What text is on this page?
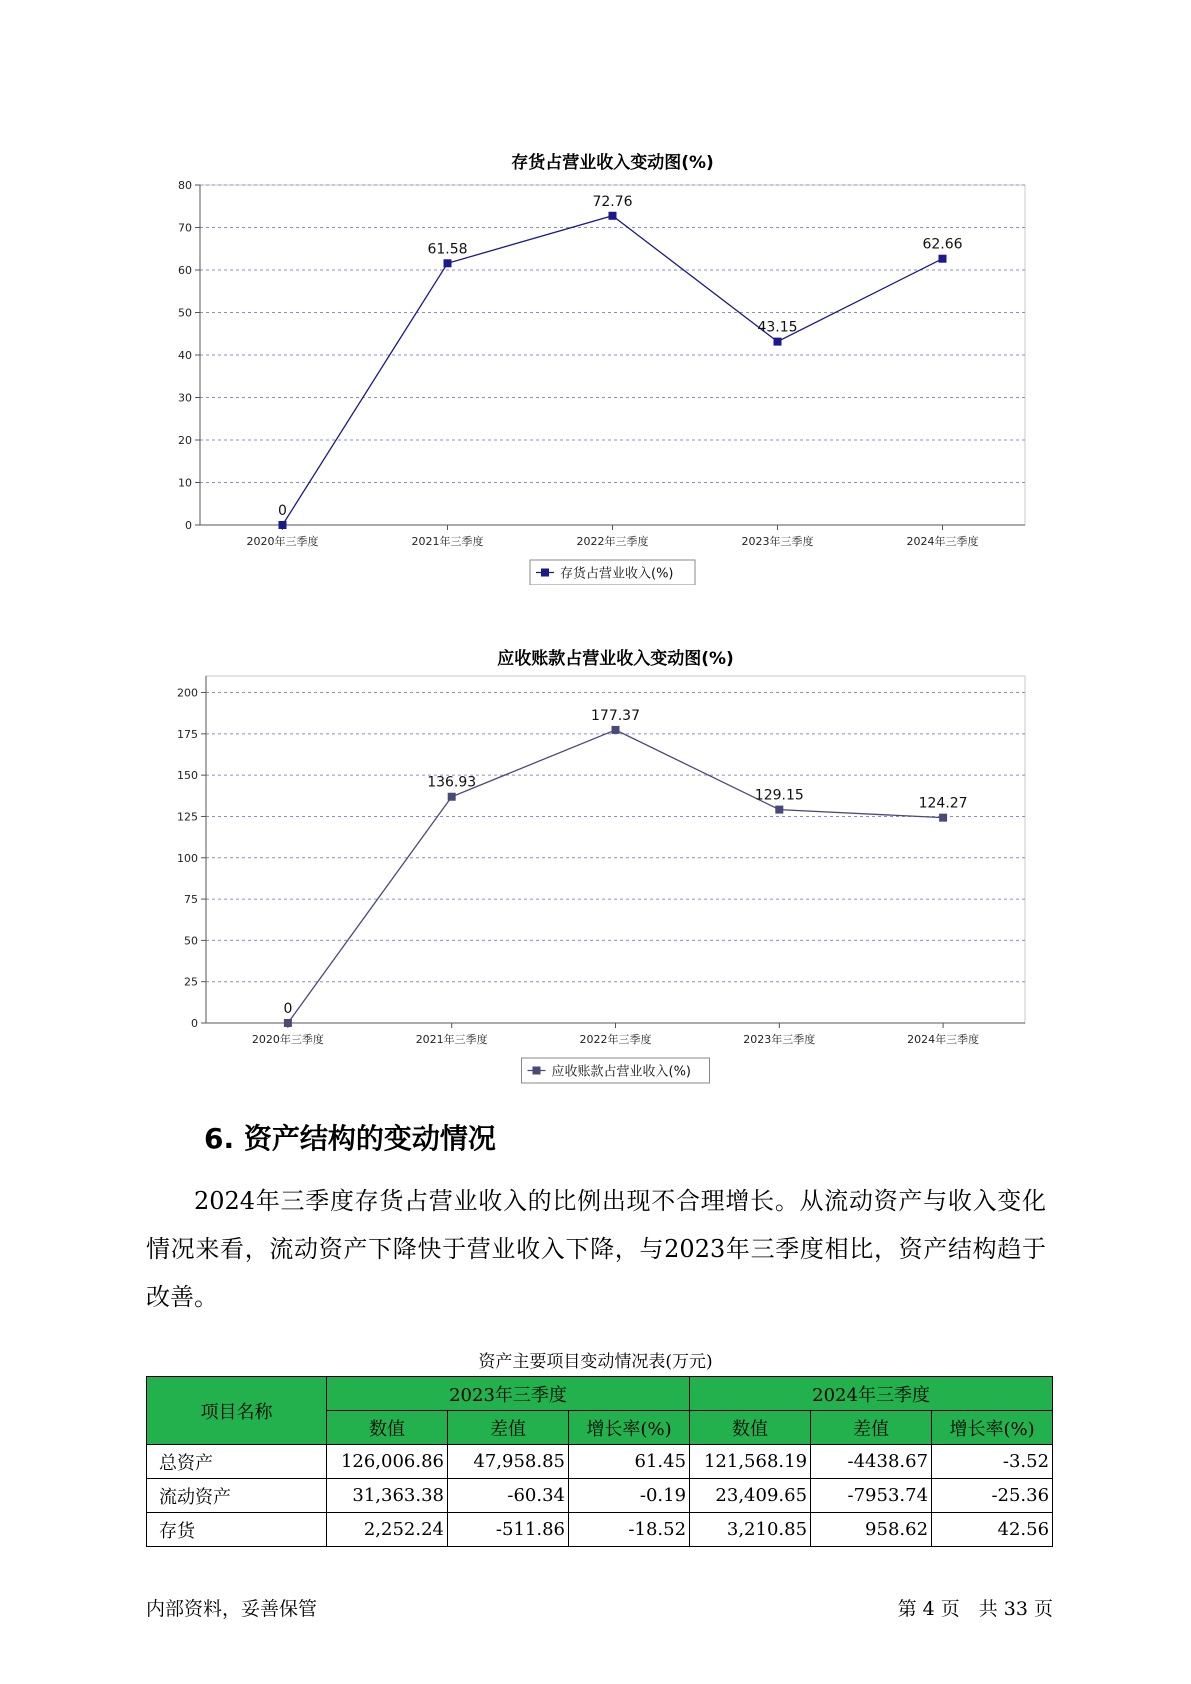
存货占营业收入变动图(%)
0
10
20
30
40
50
60
70
80
2020年三季度	2021年三季度	2022年三季度	2023年三季度	2024年三季度
0
61.58
72.76
43.15
62.66
存货占营业收入(%)
应收账款占营业收入变动图(%)
0
25
50
75
100
125
150
175
200
2020年三季度	2021年三季度	2022年三季度	2023年三季度	2024年三季度
0
136.93
177.37
129.15
124.27
应收账款占营业收入(%)
6. 资产结构的变动情况

2024年三季度存货占营业收入的比例出现不合理增长。从流动资产与收入变化情况来看，流动资产下降快于营业收入下降，与2023年三季度相比，资产结构趋于改善。

资产主要项目变动情况表(万元)
项目名称	2023年三季度			2024年三季度		
	数值	差值	增长率(%)	数值	差值	增长率(%)
总资产	126,006.86	47,958.85	61.45	121,568.19	-4438.67	-3.52
流动资产	31,363.38	-60.34	-0.19	23,409.65	-7953.74	-25.36
存货	2,252.24	-511.86	-18.52	3,210.85	958.62	42.56
内部资料，妥善保管	第 4 页　共 33 页
